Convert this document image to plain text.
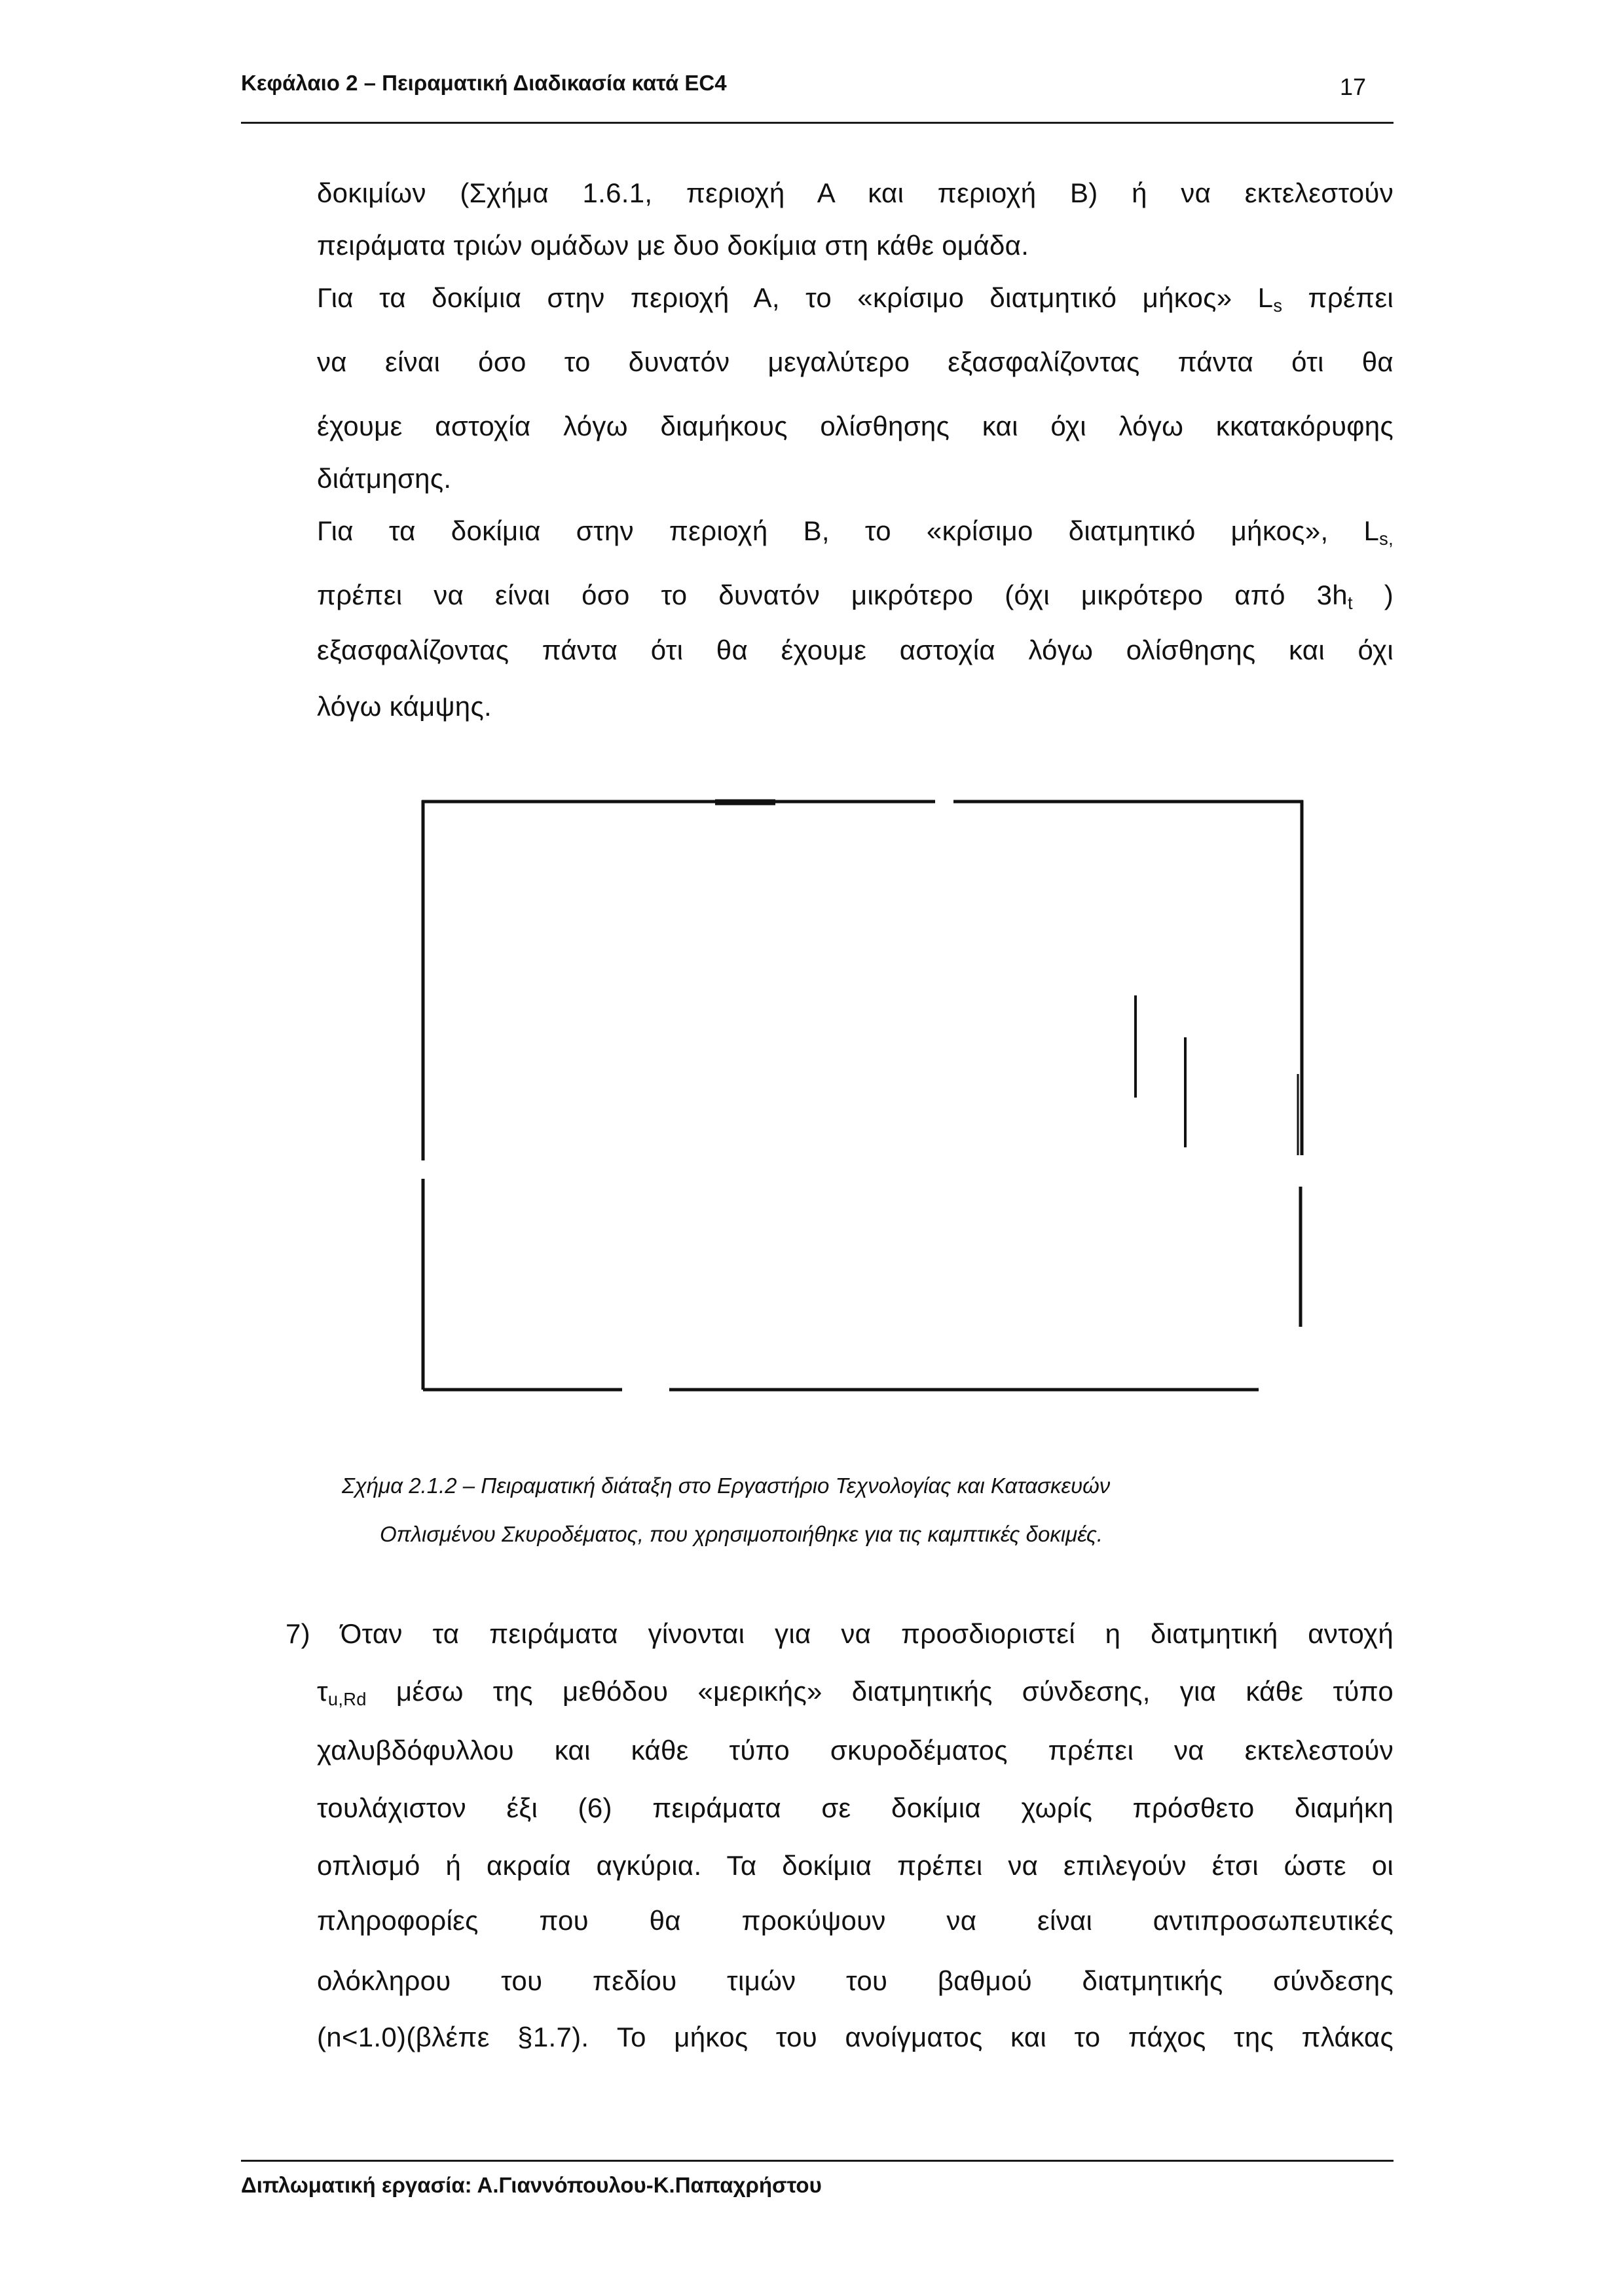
Κεφάλαιο 2 – Πειραματική Διαδικασία κατά EC4	17
δοκιμίων (Σχήμα 1.6.1, περιοχή Α και περιοχή Β) ή να εκτελεστούν
πειράματα τριών ομάδων με δυο δοκίμια στη κάθε ομάδα.
Για τα δοκίμια στην περιοχή Α, το «κρίσιμο διατμητικό μήκος» $L_s$ πρέπει
να είναι όσο το δυνατόν μεγαλύτερο εξασφαλίζοντας πάντα ότι θα
έχουμε αστοχία λόγω διαμήκους ολίσθησης και όχι λόγω κκατακόρυφης
διάτμησης.
Για τα δοκίμια στην περιοχή Β, το «κρίσιμο διατμητικό μήκος», $L_{s,}$
πρέπει να είναι όσο το δυνατόν μικρότερο (όχι μικρότερο από $3h_t$ )
εξασφαλίζοντας πάντα ότι θα έχουμε αστοχία λόγω ολίσθησης και όχι
λόγω κάμψης.
Σχήμα 2.1.2 – Πειραματική διάταξη στο Εργαστήριο Τεχνολογίας και Κατασκευών
Οπλισμένου Σκυροδέματος, που χρησιμοποιήθηκε για τις καμπτικές δοκιμές.
7) Όταν τα πειράματα γίνονται για να προσδιοριστεί η διατμητική αντοχή
$\tau_{u,Rd}$ μέσω της μεθόδου «μερικής» διατμητικής σύνδεσης, για κάθε τύπο
χαλυβδόφυλλου και κάθε τύπο σκυροδέματος πρέπει να εκτελεστούν
τουλάχιστον έξι (6) πειράματα σε δοκίμια χωρίς πρόσθετο διαμήκη
οπλισμό ή ακραία αγκύρια. Τα δοκίμια πρέπει να επιλεγούν έτσι ώστε οι
πληροφορίες που θα προκύψουν να είναι αντιπροσωπευτικές
ολόκληρου του πεδίου τιμών του βαθμού διατμητικής σύνδεσης
(n<1.0)(βλέπε §1.7). Το μήκος του ανοίγματος και το πάχος της πλάκας
Διπλωματική εργασία: Α.Γιαννόπουλου-Κ.Παπαχρήστου
